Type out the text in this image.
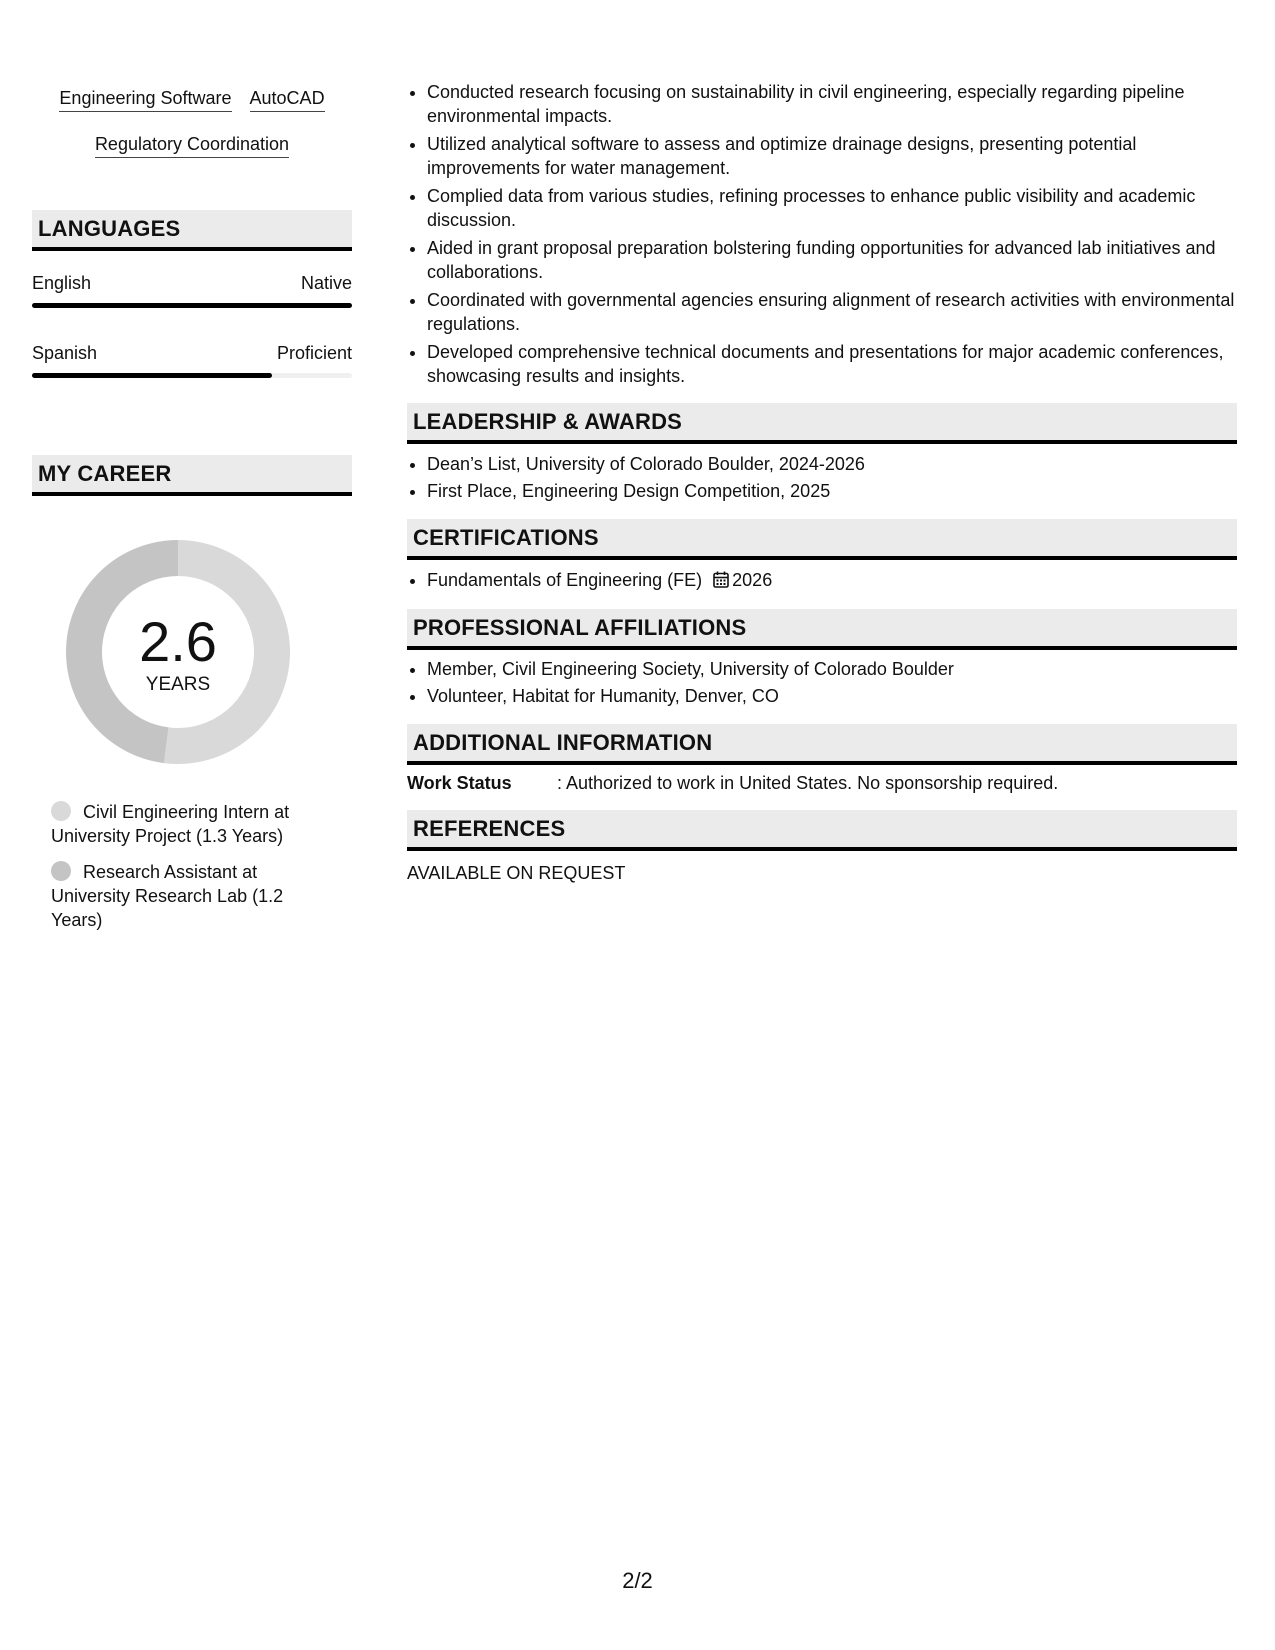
Engineering Software AutoCAD
Regulatory Coordination
LANGUAGES
English	Native
Spanish	Proficient
MY CAREER
2.6
YEARS
Civil Engineering Intern at University Project (1.3 Years)
Research Assistant at University Research Lab (1.2 Years)
• Conducted research focusing on sustainability in civil engineering, especially regarding pipeline environmental impacts.
• Utilized analytical software to assess and optimize drainage designs, presenting potential improvements for water management.
• Complied data from various studies, refining processes to enhance public visibility and academic discussion.
• Aided in grant proposal preparation bolstering funding opportunities for advanced lab initiatives and collaborations.
• Coordinated with governmental agencies ensuring alignment of research activities with environmental regulations.
• Developed comprehensive technical documents and presentations for major academic conferences, showcasing results and insights.
LEADERSHIP & AWARDS
• Dean’s List, University of Colorado Boulder, 2024-2026
• First Place, Engineering Design Competition, 2025
CERTIFICATIONS
• Fundamentals of Engineering (FE) 2026
PROFESSIONAL AFFILIATIONS
• Member, Civil Engineering Society, University of Colorado Boulder
• Volunteer, Habitat for Humanity, Denver, CO
ADDITIONAL INFORMATION
Work Status	: Authorized to work in United States. No sponsorship required.
REFERENCES
AVAILABLE ON REQUEST
2/2
